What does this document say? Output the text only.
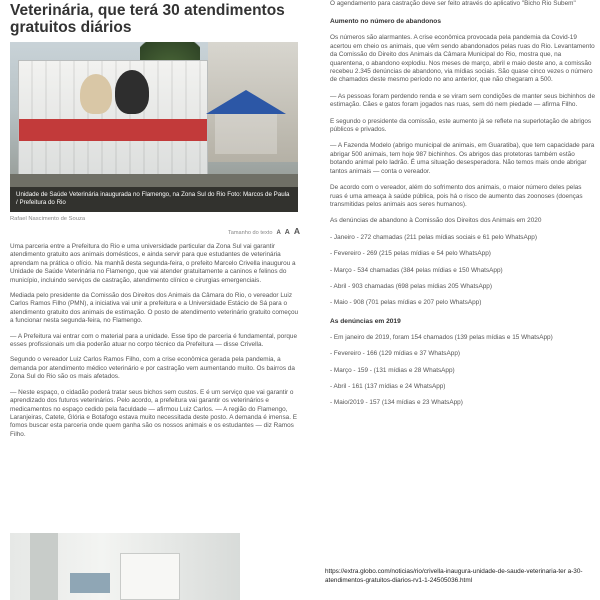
Veterinária, que terá 30 atendimentos gratuitos diários
Unidade de Saúde Veterinária inaugurada no Flamengo, na Zona Sul do Rio Foto: Marcos de Paula / Prefeitura do Rio
Rafael Nascimento de Souza
Tamanho do texto A A A

Uma parceria entre a Prefeitura do Rio e uma universidade particular da Zona Sul vai garantir atendimento gratuito aos animais domésticos, e ainda servir para que estudantes de veterinária aprendam na prática o ofício. Na manhã desta segunda-feira, o prefeito Marcelo Crivella inaugurou a Unidade de Saúde Veterinária no Flamengo, que vai atender gratuitamente a caninos e felinos do município, incluindo serviços de castração, atendimento clínico e cirurgias emergenciais.

Mediada pelo presidente da Comissão dos Direitos dos Animais da Câmara do Rio, o vereador Luiz Carlos Ramos Filho (PMN), a iniciativa vai unir a prefeitura e a Universidade Estácio de Sá para o atendimento gratuito dos animais de estimação. O posto de atendimento veterinário gratuito começou a funcionar nesta segunda-feira, no Flamengo.

— A Prefeitura vai entrar com o material para a unidade. Esse tipo de parceria é fundamental, porque esses profissionais um dia poderão atuar no corpo técnico da Prefeitura — disse Crivella.

Segundo o vereador Luiz Carlos Ramos Filho, com a crise econômica gerada pela pandemia, a demanda por atendimento médico veterinário e por castração vem aumentando muito. Os bairros da Zona Sul do Rio são os mais afetados.

— Neste espaço, o cidadão poderá tratar seus bichos sem custos. E é um serviço que vai garantir o aprendizado dos futuros veterinários. Pelo acordo, a prefeitura vai garantir os veterinários e medicamentos no espaço cedido pela faculdade — afirmou Luiz Carlos. — A região do Flamengo, Laranjeiras, Catete, Glória e Botafogo estava muito necessitada deste posto. A demanda é imensa. E fomos buscar esta parceria onde quem ganha são os nossos animais e os estudantes — diz Ramos Filho.

O agendamento para castração deve ser feito através do aplicativo "Bicho Rio Subem"

Aumento no número de abandonos

Os números são alarmantes. A crise econômica provocada pela pandemia da Covid-19 acertou em cheio os animais, que vêm sendo abandonados pelas ruas do Rio. Levantamento da Comissão do Direito dos Animais da Câmara Municipal do Rio, mostra que, na quarentena, o abandono explodiu. Nos meses de março, abril e maio deste ano, a comissão recebeu 2.345 denúncias de abandono, via mídias sociais. São quase cinco vezes o número de chamados deste mesmo período no ano anterior, que não chegaram a 500.

— As pessoas foram perdendo renda e se viram sem condições de manter seus bichinhos de estimação. Cães e gatos foram jogados nas ruas, sem dó nem piedade — afirma Filho.

E segundo o presidente da comissão, este aumento já se reflete na superlotação de abrigos públicos e privados.

— A Fazenda Modelo (abrigo municipal de animais, em Guaratiba), que tem capacidade para abrigar 500 animais, tem hoje 987 bichinhos. Os abrigos das protetoras também estão botando animal pelo ladrão. É uma situação desesperadora. Não temos mais onde abrigar tantos animais — conta o vereador.

De acordo com o vereador, além do sofrimento dos animais, o maior número deles pelas ruas é uma ameaça à saúde pública, pois há o risco de aumento das zoonoses (doenças transmitidas pelos animais aos seres humanos).

As denúncias de abandono à Comissão dos Direitos dos Animais em 2020

- Janeiro - 272 chamadas (211 pelas mídias sociais e 61 pelo WhatsApp)

- Fevereiro - 269 (215 pelas mídias e 54 pelo WhatsApp)

- Março - 534 chamadas (384 pelas mídias e 150 WhatsApp)

- Abril - 903 chamadas (698 pelas mídias 205 WhatsApp)

- Maio - 908 (701 pelas mídias e 207 pelo WhatsApp)

As denúncias em 2019

- Em janeiro de 2019, foram 154 chamados (139 pelas mídias e 15 WhatsApp)

- Fevereiro - 166 (129 mídias e 37 WhatsApp)

- Março - 159 - (131 mídias e 28 WhatsApp)

- Abril - 161 (137 mídias e 24 WhatsApp)

- Maio/2019 - 157 (134 mídias e 23 WhatsApp)

https://extra.globo.com/noticias/rio/crivella-inaugura-unidade-de-saude-veterinaria-ter a-30-atendimentos-gratuitos-diarios-rv1-1-24505036.html
